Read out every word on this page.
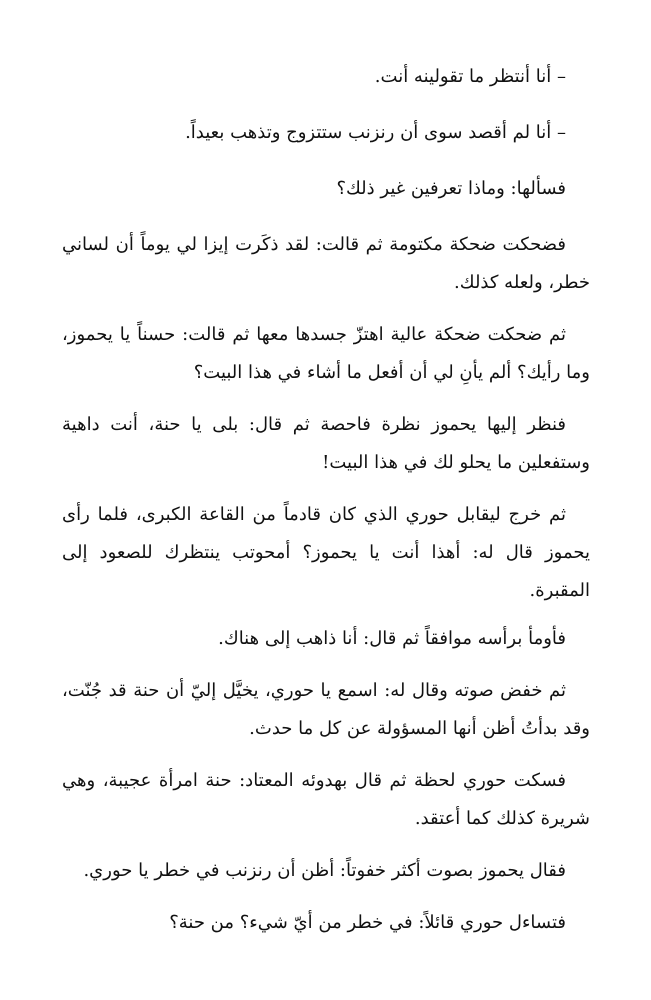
– أنا أنتظر ما تقولينه أنت.

– أنا لم أقصد سوى أن رنزنب ستتزوج وتذهب بعيداً.

فسألها: وماذا تعرفين غير ذلك؟

فضحكت ضحكة مكتومة ثم قالت: لقد ذكَرت إيزا لي يوماً أن لساني خطر، ولعله كذلك.

ثم ضحكت ضحكة عالية اهتزّ جسدها معها ثم قالت: حسناً يا يحموز، وما رأيك؟ ألم يأنِ لي أن أفعل ما أشاء في هذا البيت؟

فنظر إليها يحموز نظرة فاحصة ثم قال: بلى يا حنة، أنت داهية وستفعلين ما يحلو لك في هذا البيت!

ثم خرج ليقابل حوري الذي كان قادماً من القاعة الكبرى، فلما رأى يحموز قال له: أهذا أنت يا يحموز؟ أمحوتب ينتظرك للصعود إلى المقبرة.

فأومأ برأسه موافقاً ثم قال: أنا ذاهب إلى هناك.

ثم خفض صوته وقال له: اسمع يا حوري، يخيَّل إليّ أن حنة قد جُنّت، وقد بدأتُ أظن أنها المسؤولة عن كل ما حدث.

فسكت حوري لحظة ثم قال بهدوئه المعتاد: حنة امرأة عجيبة، وهي شريرة كذلك كما أعتقد.

فقال يحموز بصوت أكثر خفوتاً: أظن أن رنزنب في خطر يا حوري.

فتساءل حوري قائلاً: في خطر من أيّ شيء؟ من حنة؟
